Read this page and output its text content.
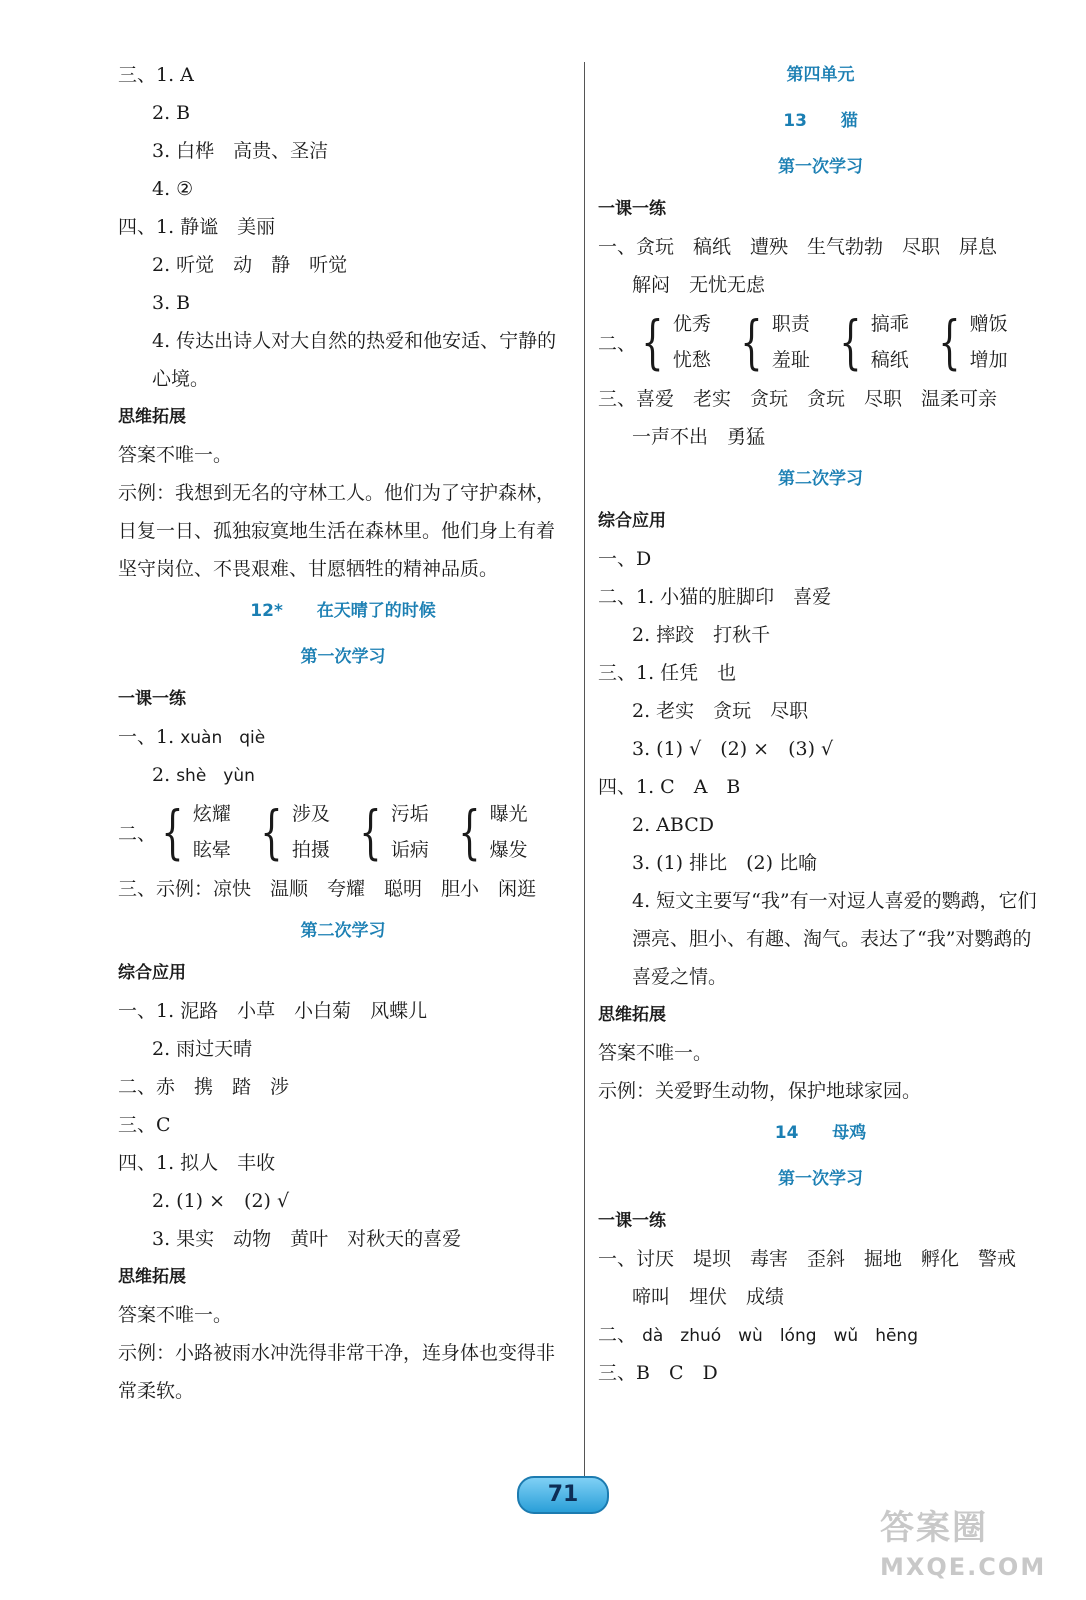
三、1. A
2. B
3. 白桦　高贵、圣洁
4. ②
四、1. 静谧　美丽
2. 听觉　动　静　听觉
3. B
4. 传达出诗人对大自然的热爱和他安适、宁静的心境。
思维拓展
答案不唯一。
示例：我想到无名的守林工人。他们为了守护森林，日复一日、孤独寂寞地生活在森林里。他们身上有着坚守岗位、不畏艰难、甘愿牺牲的精神品质。
12* 在天晴了的时候
第一次学习
一课一练
一、1. xuàn　qiè
2. shè　yùn
二、 { 炫耀
眩晕 { 涉及
拍摄 { 污垢
诟病 { 曝光
爆发
三、示例：凉快　温顺　夸耀　聪明　胆小　闲逛
第二次学习
综合应用
一、1. 泥路　小草　小白菊　风蝶儿
2. 雨过天晴
二、赤　携　踏　涉
三、C
四、1. 拟人　丰收
2. (1) ×　(2) √
3. 果实　动物　黄叶　对秋天的喜爱
思维拓展
答案不唯一。
示例：小路被雨水冲洗得非常干净，连身体也变得非常柔软。
第四单元
13 猫
第一次学习
一课一练
一、贪玩　稿纸　遭殃　生气勃勃　尽职　屏息
解闷　无忧无虑
二、 { 优秀
忧愁 { 职责
羞耻 { 搞乖
稿纸 { 赠饭
增加
三、喜爱　老实　贪玩　贪玩　尽职　温柔可亲
一声不出　勇猛
第二次学习
综合应用
一、D
二、1. 小猫的脏脚印　喜爱
2. 摔跤　打秋千
三、1. 任凭　也
2. 老实　贪玩　尽职
3. (1) √　(2) ×　(3) √
四、1. C　A　B
2. ABCD
3. (1) 排比　(2) 比喻
4. 短文主要写“我”有一对逗人喜爱的鹦鹉，它们漂亮、胆小、有趣、淘气。表达了“我”对鹦鹉的喜爱之情。
思维拓展
答案不唯一。
示例：关爱野生动物，保护地球家园。
14 母鸡
第一次学习
一课一练
一、讨厌　堤坝　毒害　歪斜　掘地　孵化　警戒
啼叫　埋伏　成绩
二、 dà　zhuó　wù　lóng　wǔ　hēng
三、B　C　D
71
答案圈
MXQE.COM
